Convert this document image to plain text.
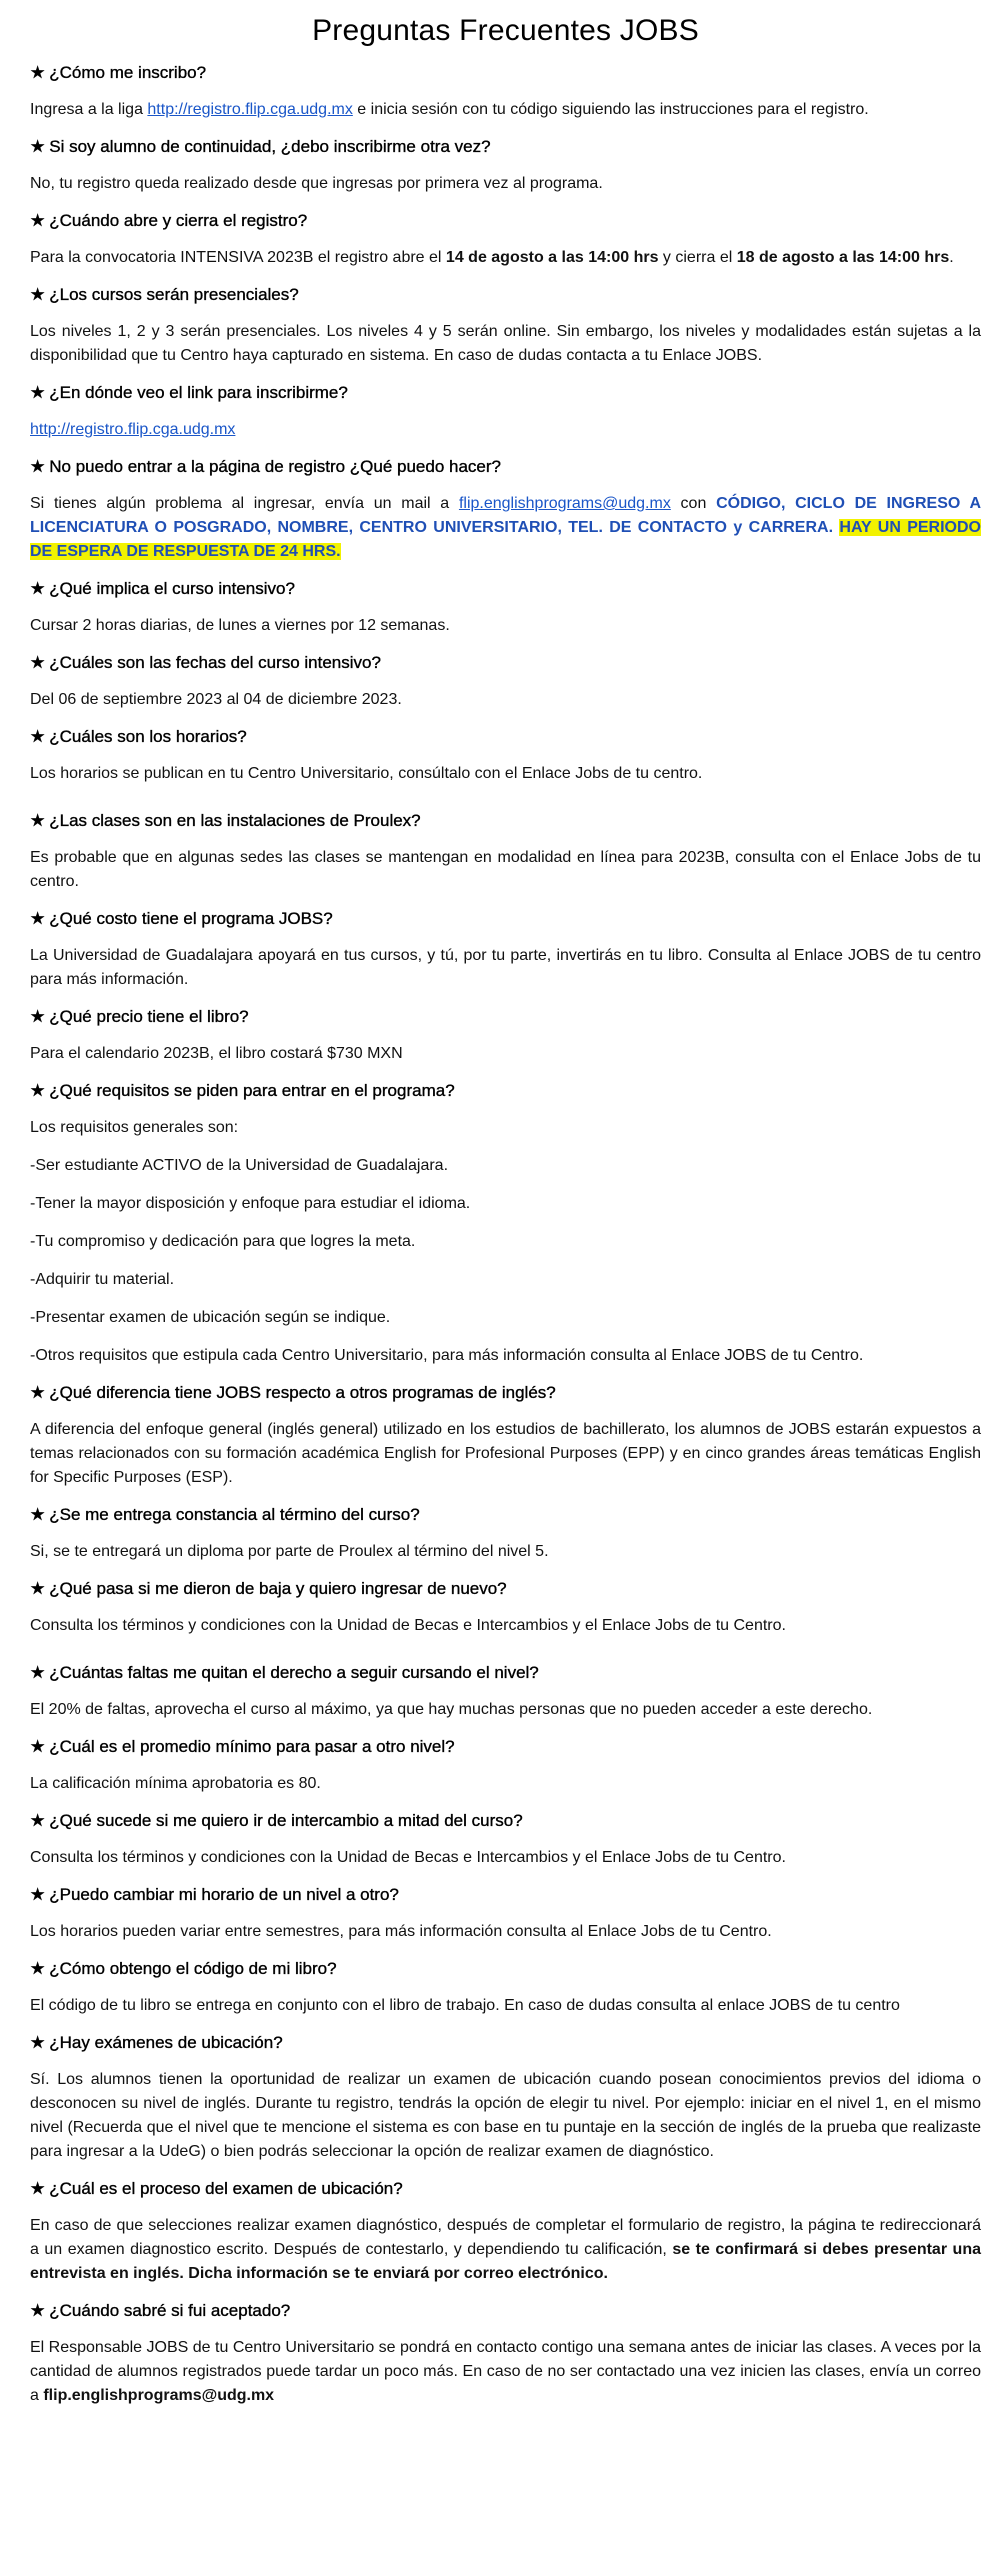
Preguntas Frecuentes JOBS
★ ¿Cómo me inscribo?
Ingresa a la liga http://registro.flip.cga.udg.mx e inicia sesión con tu código siguiendo las instrucciones para el registro.
★ Si soy alumno de continuidad, ¿debo inscribirme otra vez?
No, tu registro queda realizado desde que ingresas por primera vez al programa.
★ ¿Cuándo abre y cierra el registro?
Para la convocatoria INTENSIVA 2023B el registro abre el 14 de agosto a las 14:00 hrs y cierra el 18 de agosto a las 14:00 hrs.
★ ¿Los cursos serán presenciales?
Los niveles 1, 2 y 3 serán presenciales. Los niveles 4 y 5 serán online. Sin embargo, los niveles y modalidades están sujetas a la disponibilidad que tu Centro haya capturado en sistema. En caso de dudas contacta a tu Enlace JOBS.
★ ¿En dónde veo el link para inscribirme?
http://registro.flip.cga.udg.mx
★ No puedo entrar a la página de registro ¿Qué puedo hacer?
Si tienes algún problema al ingresar, envía un mail a flip.englishprograms@udg.mx con CÓDIGO, CICLO DE INGRESO A LICENCIATURA O POSGRADO, NOMBRE, CENTRO UNIVERSITARIO, TEL. DE CONTACTO y CARRERA. HAY UN PERIODO DE ESPERA DE RESPUESTA DE 24 HRS.
★ ¿Qué implica el curso intensivo?
Cursar 2 horas diarias, de lunes a viernes por 12 semanas.
★ ¿Cuáles son las fechas del curso intensivo?
Del 06 de septiembre 2023 al 04 de diciembre 2023.
★ ¿Cuáles son los horarios?
Los horarios se publican en tu Centro Universitario, consúltalo con el Enlace Jobs de tu centro.
★ ¿Las clases son en las instalaciones de Proulex?
Es probable que en algunas sedes las clases se mantengan en modalidad en línea para 2023B, consulta con el Enlace Jobs de tu centro.
★ ¿Qué costo tiene el programa JOBS?
La Universidad de Guadalajara apoyará en tus cursos, y tú, por tu parte, invertirás en tu libro. Consulta al Enlace JOBS de tu centro para más información.
★ ¿Qué precio tiene el libro?
Para el calendario 2023B, el libro costará $730 MXN
★ ¿Qué requisitos se piden para entrar en el programa?

Los requisitos generales son:

-Ser estudiante ACTIVO de la Universidad de Guadalajara.

-Tener la mayor disposición y enfoque para estudiar el idioma.

-Tu compromiso y dedicación para que logres la meta.

-Adquirir tu material.

-Presentar examen de ubicación según se indique.

-Otros requisitos que estipula cada Centro Universitario, para más información consulta al Enlace JOBS de tu Centro.

★ ¿Qué diferencia tiene JOBS respecto a otros programas de inglés?
A diferencia del enfoque general (inglés general) utilizado en los estudios de bachillerato, los alumnos de JOBS estarán expuestos a temas relacionados con su formación académica English for Profesional Purposes (EPP) y en cinco grandes áreas temáticas English for Specific Purposes (ESP).
★ ¿Se me entrega constancia al término del curso?
Si, se te entregará un diploma por parte de Proulex al término del nivel 5.
★ ¿Qué pasa si me dieron de baja y quiero ingresar de nuevo?
Consulta los términos y condiciones con la Unidad de Becas e Intercambios y el Enlace Jobs de tu Centro.
★ ¿Cuántas faltas me quitan el derecho a seguir cursando el nivel?
El 20% de faltas, aprovecha el curso al máximo, ya que hay muchas personas que no pueden acceder a este derecho.
★ ¿Cuál es el promedio mínimo para pasar a otro nivel?
La calificación mínima aprobatoria es 80.
★ ¿Qué sucede si me quiero ir de intercambio a mitad del curso?
Consulta los términos y condiciones con la Unidad de Becas e Intercambios y el Enlace Jobs de tu Centro.
★ ¿Puedo cambiar mi horario de un nivel a otro?
Los horarios pueden variar entre semestres, para más información consulta al Enlace Jobs de tu Centro.
★ ¿Cómo obtengo el código de mi libro?
El código de tu libro se entrega en conjunto con el libro de trabajo. En caso de dudas consulta al enlace JOBS de tu centro
★ ¿Hay exámenes de ubicación?
Sí. Los alumnos tienen la oportunidad de realizar un examen de ubicación cuando posean conocimientos previos del idioma o desconocen su nivel de inglés. Durante tu registro, tendrás la opción de elegir tu nivel. Por ejemplo: iniciar en el nivel 1, en el mismo nivel (Recuerda que el nivel que te mencione el sistema es con base en tu puntaje en la sección de inglés de la prueba que realizaste para ingresar a la UdeG) o bien podrás seleccionar la opción de realizar examen de diagnóstico.
★ ¿Cuál es el proceso del examen de ubicación?
En caso de que selecciones realizar examen diagnóstico, después de completar el formulario de registro, la página te redireccionará a un examen diagnostico escrito. Después de contestarlo, y dependiendo tu calificación, se te confirmará si debes presentar una entrevista en inglés. Dicha información se te enviará por correo electrónico.
★ ¿Cuándo sabré si fui aceptado?
El Responsable JOBS de tu Centro Universitario se pondrá en contacto contigo una semana antes de iniciar las clases. A veces por la cantidad de alumnos registrados puede tardar un poco más. En caso de no ser contactado una vez inicien las clases, envía un correo a flip.englishprograms@udg.mx
